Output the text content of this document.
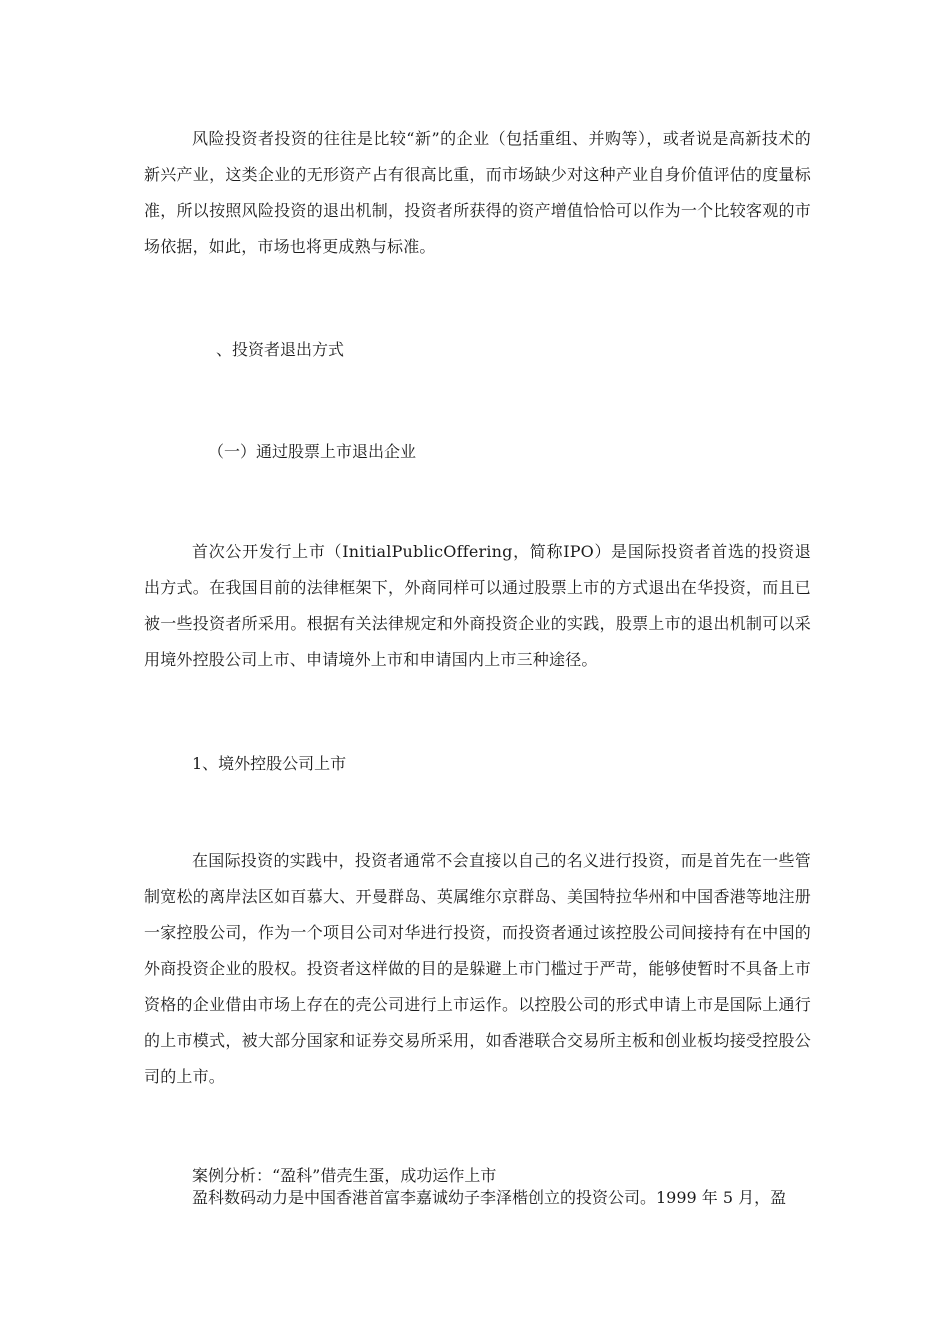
风险投资者投资的往往是比较“新”的企业（包括重组、并购等），或者说是高新技术的新兴产业，这类企业的无形资产占有很高比重，而市场缺少对这种产业自身价值评估的度量标准，所以按照风险投资的退出机制，投资者所获得的资产增值恰恰可以作为一个比较客观的市场依据，如此，市场也将更成熟与标准。

、投资者退出方式
（一）通过股票上市退出企业

首次公开发行上市（InitialPublicOffering，简称IPO）是国际投资者首选的投资退出方式。在我国目前的法律框架下，外商同样可以通过股票上市的方式退出在华投资，而且已被一些投资者所采用。根据有关法律规定和外商投资企业的实践，股票上市的退出机制可以采用境外控股公司上市、申请境外上市和申请国内上市三种途径。

1、境外控股公司上市

在国际投资的实践中，投资者通常不会直接以自己的名义进行投资，而是首先在一些管制宽松的离岸法区如百慕大、开曼群岛、英属维尔京群岛、美国特拉华州和中国香港等地注册一家控股公司，作为一个项目公司对华进行投资，而投资者通过该控股公司间接持有在中国的外商投资企业的股权。投资者这样做的目的是躲避上市门槛过于严苛，能够使暂时不具备上市资格的企业借由市场上存在的壳公司进行上市运作。以控股公司的形式申请上市是国际上通行的上市模式，被大部分国家和证券交易所采用，如香港联合交易所主板和创业板均接受控股公司的上市。

案例分析：“盈科”借壳生蛋，成功运作上市
盈科数码动力是中国香港首富李嘉诚幼子李泽楷创立的投资公司。1999 年 5 月，盈
